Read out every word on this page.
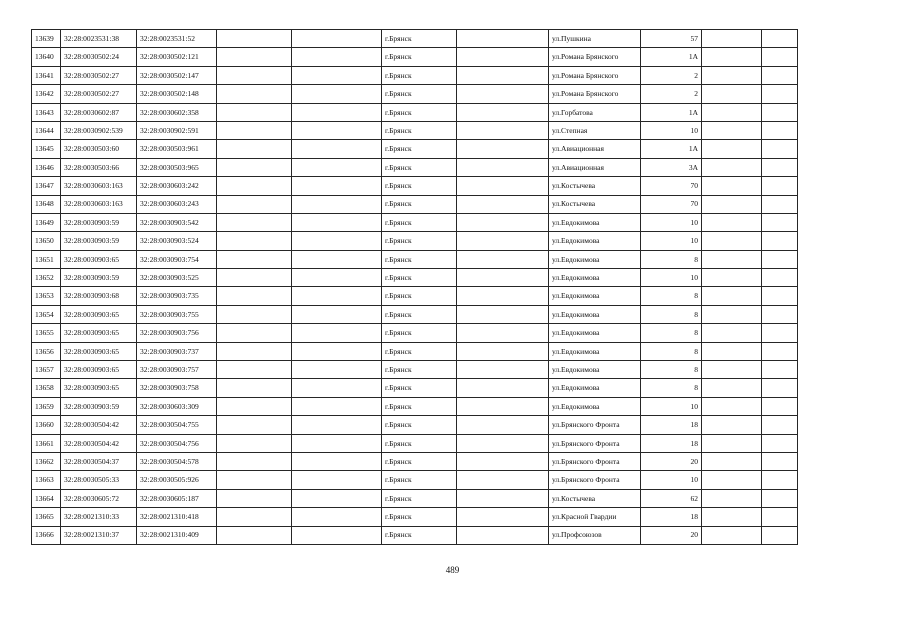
13639	32:28:0023531:38	32:28:0023531:52			г.Брянск		ул.Пушкина	57		
13640	32:28:0030502:24	32:28:0030502:121			г.Брянск		ул.Романа Брянского	1А		
13641	32:28:0030502:27	32:28:0030502:147			г.Брянск		ул.Романа Брянского	2		
13642	32:28:0030502:27	32:28:0030502:148			г.Брянск		ул.Романа Брянского	2		
13643	32:28:0030602:87	32:28:0030602:358			г.Брянск		ул.Горбатова	1А		
13644	32:28:0030902:539	32:28:0030902:591			г.Брянск		ул.Степная	10		
13645	32:28:0030503:60	32:28:0030503:961			г.Брянск		ул.Авиационная	1А		
13646	32:28:0030503:66	32:28:0030503:965			г.Брянск		ул.Авиационная	3А		
13647	32:28:0030603:163	32:28:0030603:242			г.Брянск		ул.Костычева	70		
13648	32:28:0030603:163	32:28:0030603:243			г.Брянск		ул.Костычева	70		
13649	32:28:0030903:59	32:28:0030903:542			г.Брянск		ул.Евдокимова	10		
13650	32:28:0030903:59	32:28:0030903:524			г.Брянск		ул.Евдокимова	10		
13651	32:28:0030903:65	32:28:0030903:754			г.Брянск		ул.Евдокимова	8		
13652	32:28:0030903:59	32:28:0030903:525			г.Брянск		ул.Евдокимова	10		
13653	32:28:0030903:68	32:28:0030903:735			г.Брянск		ул.Евдокимова	8		
13654	32:28:0030903:65	32:28:0030903:755			г.Брянск		ул.Евдокимова	8		
13655	32:28:0030903:65	32:28:0030903:756			г.Брянск		ул.Евдокимова	8		
13656	32:28:0030903:65	32:28:0030903:737			г.Брянск		ул.Евдокимова	8		
13657	32:28:0030903:65	32:28:0030903:757			г.Брянск		ул.Евдокимова	8		
13658	32:28:0030903:65	32:28:0030903:758			г.Брянск		ул.Евдокимова	8		
13659	32:28:0030903:59	32:28:0030603:309			г.Брянск		ул.Евдокимова	10		
13660	32:28:0030504:42	32:28:0030504:755			г.Брянск		ул.Брянского Фронта	18		
13661	32:28:0030504:42	32:28:0030504:756			г.Брянск		ул.Брянского Фронта	18		
13662	32:28:0030504:37	32:28:0030504:578			г.Брянск		ул.Брянского Фронта	20		
13663	32:28:0030505:33	32:28:0030505:926			г.Брянск		ул.Брянского Фронта	10		
13664	32:28:0030605:72	32:28:0030605:187			г.Брянск		ул.Костычева	62		
13665	32:28:0021310:33	32:28:0021310:418			г.Брянск		ул.Красной Гвардии	18		
13666	32:28:0021310:37	32:28:0021310:409			г.Брянск		ул.Профсоюзов	20		
489
